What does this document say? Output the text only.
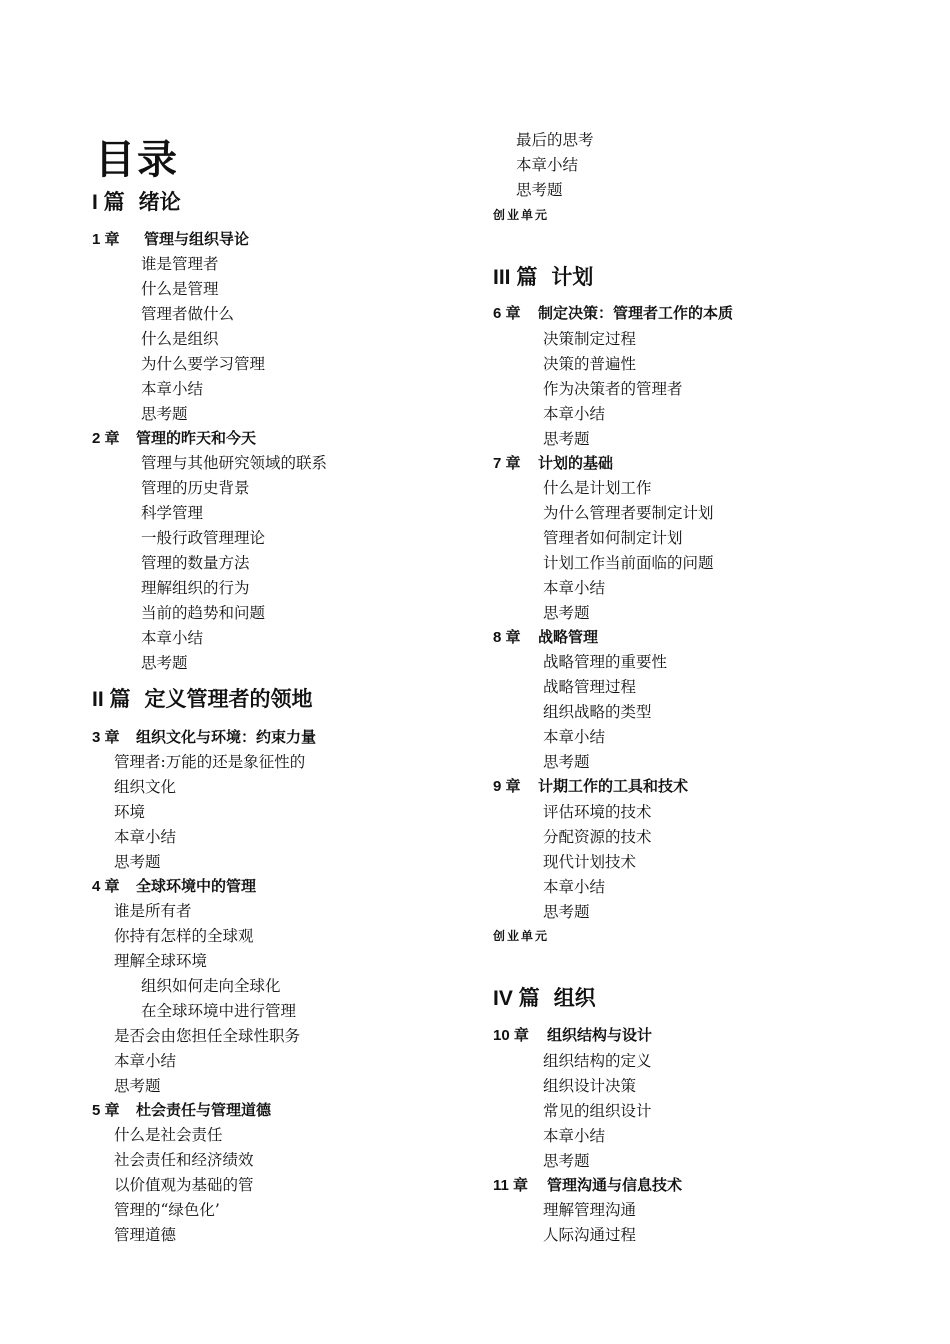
目录
I 篇 绪论
1 章 管理与组织导论
谁是管理者
什么是管理
管理者做什么
什么是组织
为什么要学习管理
本章小结
思考题
2 章 管理的昨天和今天
管理与其他研究领域的联系
管理的历史背景
科学管理
一般行政管理理论
管理的数量方法
理解组织的行为
当前的趋势和问题
本章小结
思考题
II 篇 定义管理者的领地
3 章 组织文化与环境：约束力量
管理者:万能的还是象征性的
组织文化
环境
本章小结
思考题
4 章 全球环境中的管理
谁是所有者
你持有怎样的全球观
理解全球环境
组织如何走向全球化
在全球环境中进行管理
是否会由您担任全球性职务
本章小结
思考题
5 章 杜会责任与管理道德
什么是社会责任
社会责任和经济绩效
以价值观为基础的管
管理的“绿色化’
管理道德
最后的思考
本章小结
思考题
创业单元
III 篇 计划
6 章 制定决策：管理者工作的本质
决策制定过程
决策的普遍性
作为决策者的管理者
本章小结
思考题
7 章 计划的基础
什么是计划工作
为什么管理者要制定计划
管理者如何制定计划
计划工作当前面临的问题
本章小结
思考题
8 章 战略管理
战略管理的重要性
战略管理过程
组织战略的类型
本章小结
思考题
9 章 计期工作的工具和技术
评估环境的技术
分配资源的技术
现代计划技术
本章小结
思考题
创业单元
IV 篇 组织
10 章 组织结构与设计
组织结构的定义
组织设计决策
常见的组织设计
本章小结
思考题
11 章 管理沟通与信息技术
理解管理沟通
人际沟通过程
